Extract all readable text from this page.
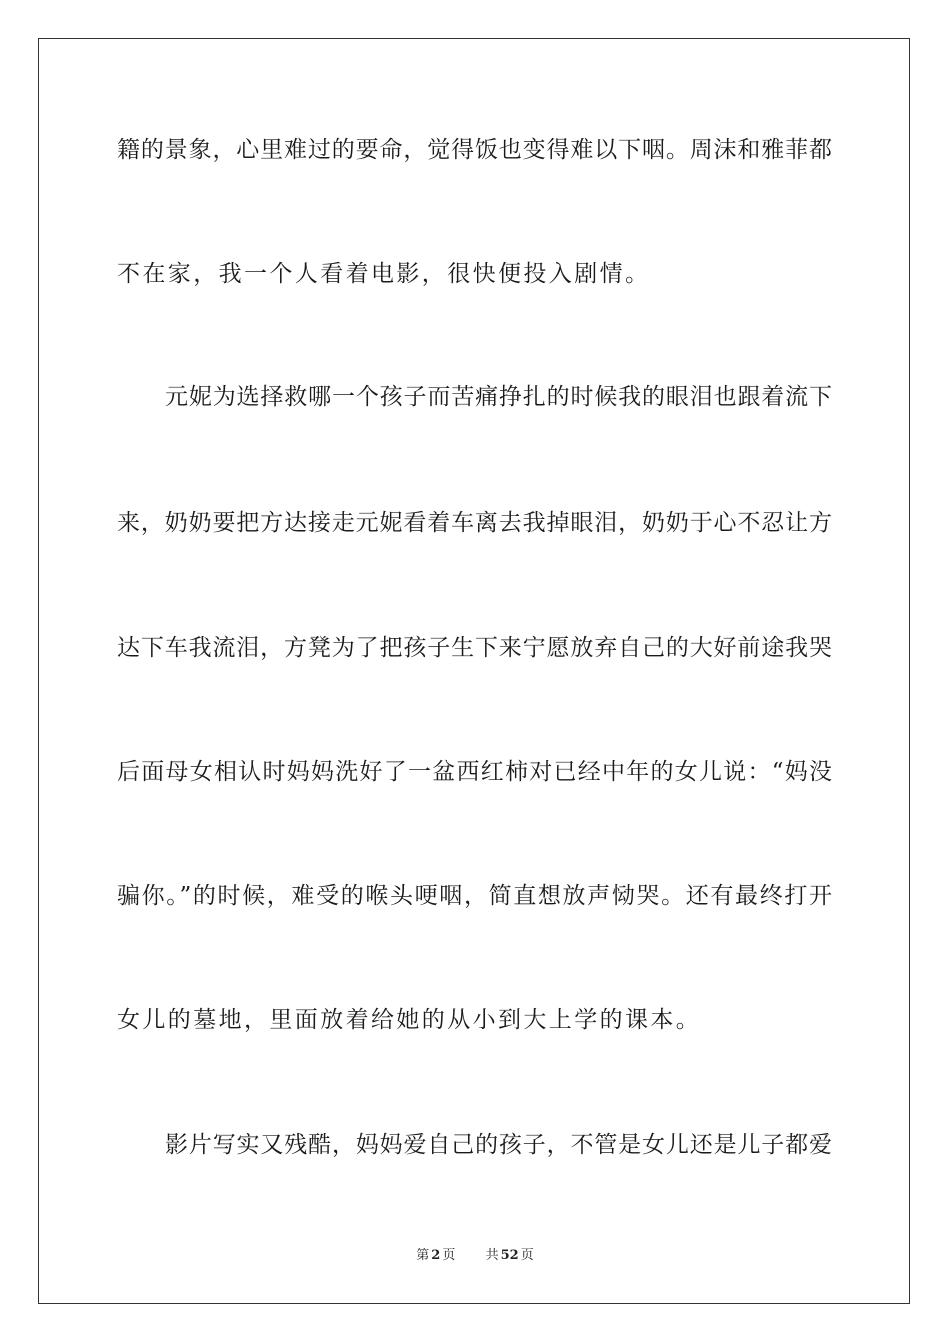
籍的景象，心里难过的要命，觉得饭也变得难以下咽。周沫和雅菲都
不在家，我一个人看着电影，很快便投入剧情。
元妮为选择救哪一个孩子而苦痛挣扎的时候我的眼泪也跟着流下
来，奶奶要把方达接走元妮看着车离去我掉眼泪，奶奶于心不忍让方
达下车我流泪，方凳为了把孩子生下来宁愿放弃自己的大好前途我哭
后面母女相认时妈妈洗好了一盆西红柿对已经中年的女儿说：“妈没
骗你。”的时候，难受的喉头哽咽，简直想放声恸哭。还有最终打开
女儿的墓地，里面放着给她的从小到大上学的课本。
影片写实又残酷，妈妈爱自己的孩子，不管是女儿还是儿子都爱
第 2 页 共 52 页
